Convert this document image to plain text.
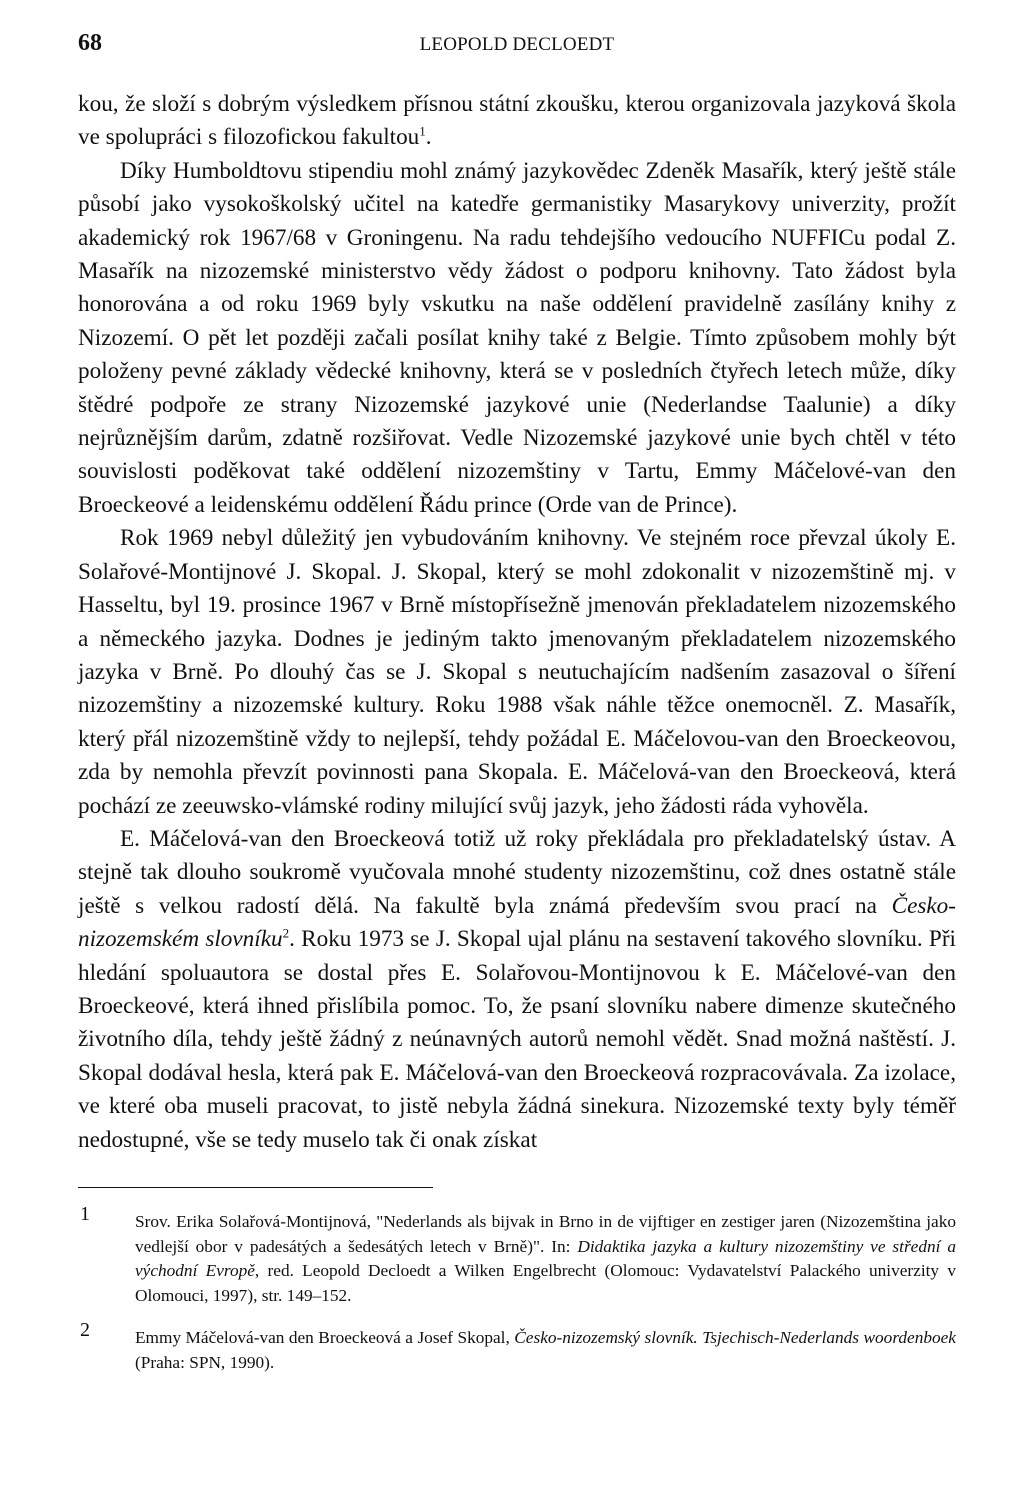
68	LEOPOLD DECLOEDT

kou, že složí s dobrým výsledkem přísnou státní zkoušku, kterou organizovala jazyková škola ve spolupráci s filozofickou fakultou$^1$.

Díky Humboldtovu stipendiu mohl známý jazykovědec Zdeněk Masařík, který ještě stále působí jako vysokoškolský učitel na katedře germanistiky Masarykovy univerzity, prožít akademický rok 1967/68 v Groningenu. Na radu tehdejšího vedoucího NUFFICu podal Z. Masařík na nizozemské ministerstvo vědy žádost o podporu knihovny. Tato žádost byla honorována a od roku 1969 byly vskutku na naše oddělení pravidelně zasílány knihy z Nizozemí. O pět let později začali posílat knihy také z Belgie. Tímto způsobem mohly být položeny pevné základy vědecké knihovny, která se v posledních čtyřech letech může, díky štědré podpoře ze strany Nizozemské jazykové unie (Nederlandse Taalunie) a díky nejrůznějším darům, zdatně rozšiřovat. Vedle Nizozemské jazykové unie bych chtěl v této souvislosti poděkovat také oddělení nizozemštiny v Tartu, Emmy Máčelové-van den Broeckeové a leidenskému oddělení Řádu prince (Orde van de Prince).

Rok 1969 nebyl důležitý jen vybudováním knihovny. Ve stejném roce převzal úkoly E. Solařové-Montijnové J. Skopal. J. Skopal, který se mohl zdokonalit v nizozemštině mj. v Hasseltu, byl 19. prosince 1967 v Brně místopřísežně jmenován překladatelem nizozemského a německého jazyka. Dodnes je jediným takto jmenovaným překladatelem nizozemského jazyka v Brně. Po dlouhý čas se J. Skopal s neutuchajícím nadšením zasazoval o šíření nizozemštiny a nizozemské kultury. Roku 1988 však náhle těžce onemocněl. Z. Masařík, který přál nizozemštině vždy to nejlepší, tehdy požádal E. Máčelovou-van den Broeckeovou, zda by nemohla převzít povinnosti pana Skopala. E. Máčelová-van den Broeckeová, která pochází ze zeeuwsko-vlámské rodiny milující svůj jazyk, jeho žádosti ráda vyhověla.

E. Máčelová-van den Broeckeová totiž už roky překládala pro překladatelský ústav. A stejně tak dlouho soukromě vyučovala mnohé studenty nizozemštinu, což dnes ostatně stále ještě s velkou radostí dělá. Na fakultě byla známá především svou prací na Česko-nizozemském slovníku$^2$. Roku 1973 se J. Skopal ujal plánu na sestavení takového slovníku. Při hledání spoluautora se dostal přes E. Solařovou-Montijnovou k E. Máčelové-van den Broeckeové, která ihned přislíbila pomoc. To, že psaní slovníku nabere dimenze skutečného životního díla, tehdy ještě žádný z neúnavných autorů nemohl vědět. Snad možná naštěstí. J. Skopal dodával hesla, která pak E. Máčelová-van den Broeckeová rozpracovávala. Za izolace, ve které oba museli pracovat, to jistě nebyla žádná sinekura. Nizozemské texty byly téměř nedostupné, vše se tedy muselo tak či onak získat

1	Srov. Erika Solařová-Montijnová, "Nederlands als bijvak in Brno in de vijftiger en zestiger jaren (Nizozemština jako vedlejší obor v padesátých a šedesátých letech v Brně)". In: Didaktika jazyka a kultury nizozemštiny ve střední a východní Evropě, red. Leopold Decloedt a Wilken Engelbrecht (Olomouc: Vydavatelství Palackého univerzity v Olomouci, 1997), str. 149–152.
2	Emmy Máčelová-van den Broeckeová a Josef Skopal, Česko-nizozemský slovník. Tsjechisch-Nederlands woordenboek (Praha: SPN, 1990).
